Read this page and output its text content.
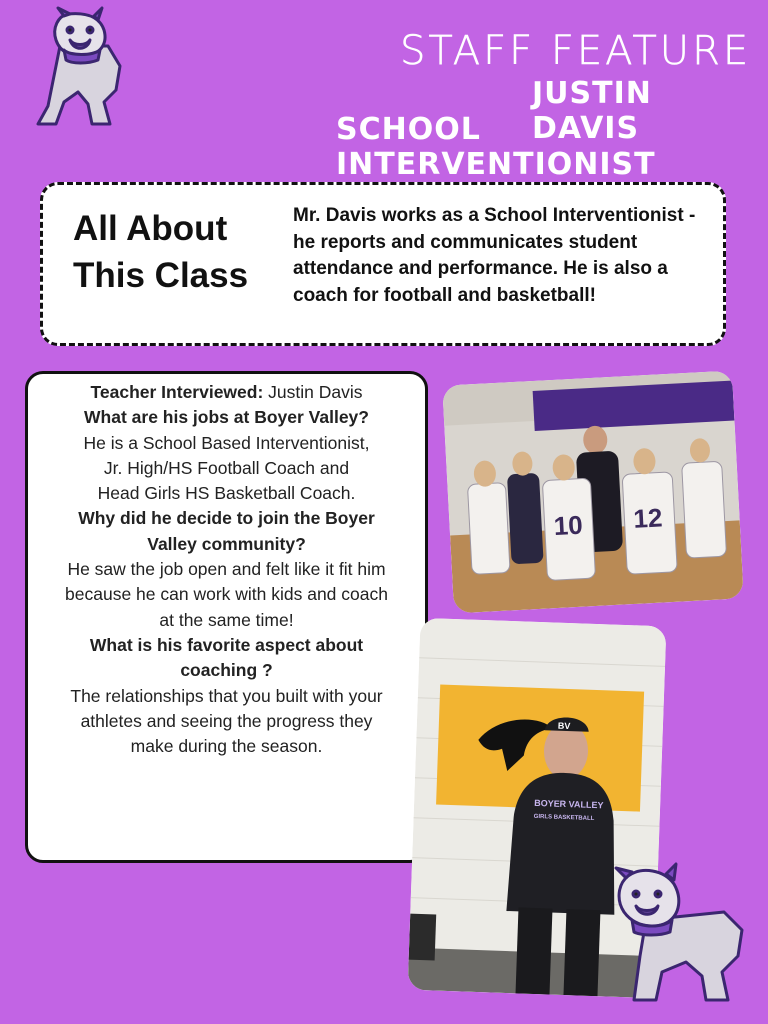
STAFF FEATURE
JUSTIN DAVIS
SCHOOL INTERVENTIONIST
All About
This Class
Mr. Davis works as a School Interventionist - he reports and communicates student attendance and performance. He is also a coach for football and basketball!

Teacher Interviewed: Justin Davis

What are his jobs at Boyer Valley?

He is a School Based Interventionist,

Jr. High/HS Football Coach and

Head Girls HS Basketball Coach.

Why did he decide to join the Boyer

Valley community?

He saw the job open and felt like it fit him

because he can work with kids and coach

at the same time!

What is his favorite aspect about

coaching ?

The relationships that you built with your

athletes and seeing the progress they

make during the season.

10 12
BV
BOYER VALLEY
GIRLS BASKETBALL
